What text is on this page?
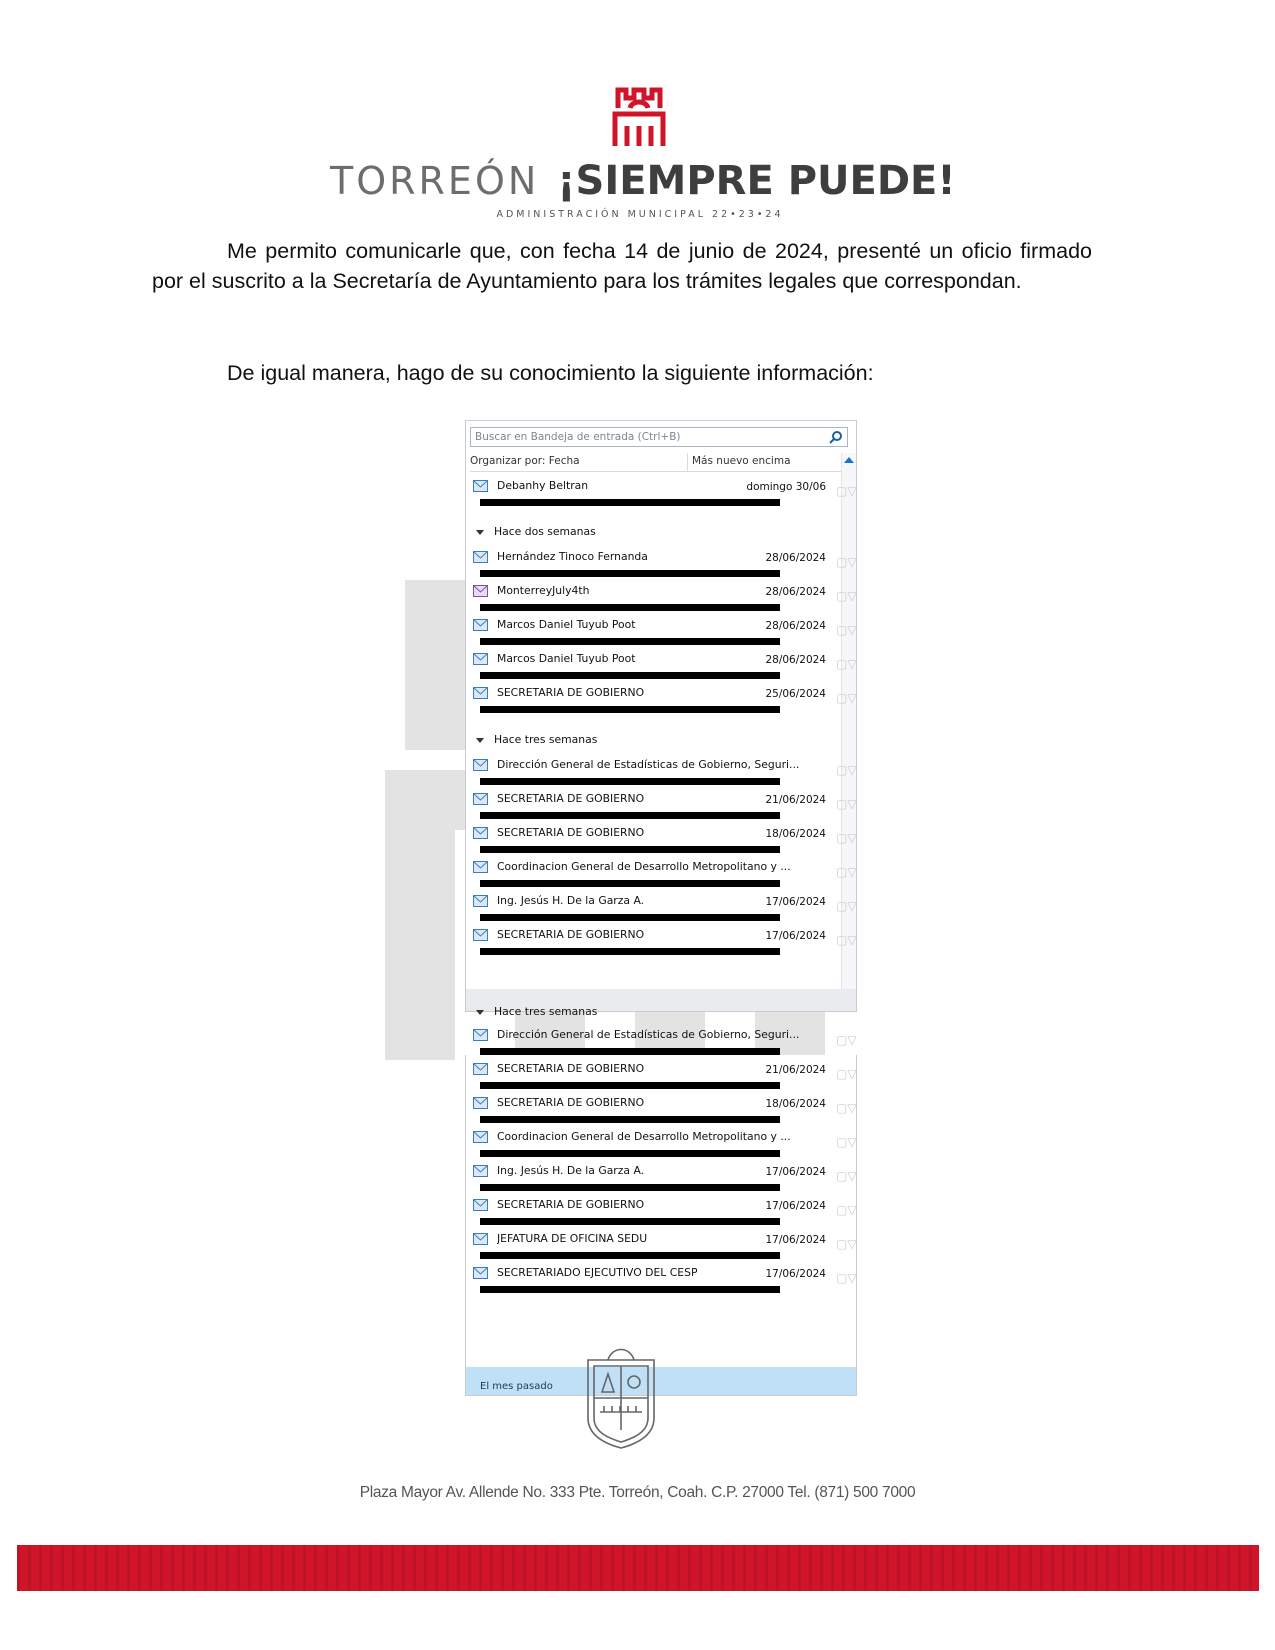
TORREÓN ¡SIEMPRE PUEDE!
ADMINISTRACIÓN MUNICIPAL 22•23•24
Me permito comunicarle que, con fecha 14 de junio de 2024, presenté un oficio firmado por el suscrito a la Secretaría de Ayuntamiento para los trámites legales que correspondan.
De igual manera, hago de su conocimiento la siguiente información:
Buscar en Bandeja de entrada (Ctrl+B)
Organizar por: Fecha	Más nuevo encima
Debanhy Beltran	domingo 30/06 ▢▽
Hace dos semanas
Hernández Tinoco Fernanda	28/06/2024 ▢▽
MonterreyJuly4th	28/06/2024 ▢▽
Marcos Daniel Tuyub Poot	28/06/2024 ▢▽
Marcos Daniel Tuyub Poot	28/06/2024 ▢▽
SECRETARIA DE GOBIERNO	25/06/2024 ▢▽
Hace tres semanas
Dirección General de Estadísticas de Gobierno, Seguri...	▢▽
SECRETARIA DE GOBIERNO	21/06/2024 ▢▽
SECRETARIA DE GOBIERNO	18/06/2024 ▢▽
Coordinacion General de Desarrollo Metropolitano y ...	▢▽
Ing. Jesús H. De la Garza A.	17/06/2024 ▢▽
SECRETARIA DE GOBIERNO	17/06/2024 ▢▽
Hace tres semanas
Dirección General de Estadísticas de Gobierno, Seguri...	▢▽
SECRETARIA DE GOBIERNO	21/06/2024 ▢▽
SECRETARIA DE GOBIERNO	18/06/2024 ▢▽
Coordinacion General de Desarrollo Metropolitano y ...	▢▽
Ing. Jesús H. De la Garza A.	17/06/2024 ▢▽
SECRETARIA DE GOBIERNO	17/06/2024 ▢▽
JEFATURA DE OFICINA SEDU	17/06/2024 ▢▽
SECRETARIADO EJECUTIVO DEL CESP	17/06/2024 ▢▽
El mes pasado
Plaza Mayor Av. Allende No. 333 Pte. Torreón, Coah. C.P. 27000 Tel. (871) 500 7000
